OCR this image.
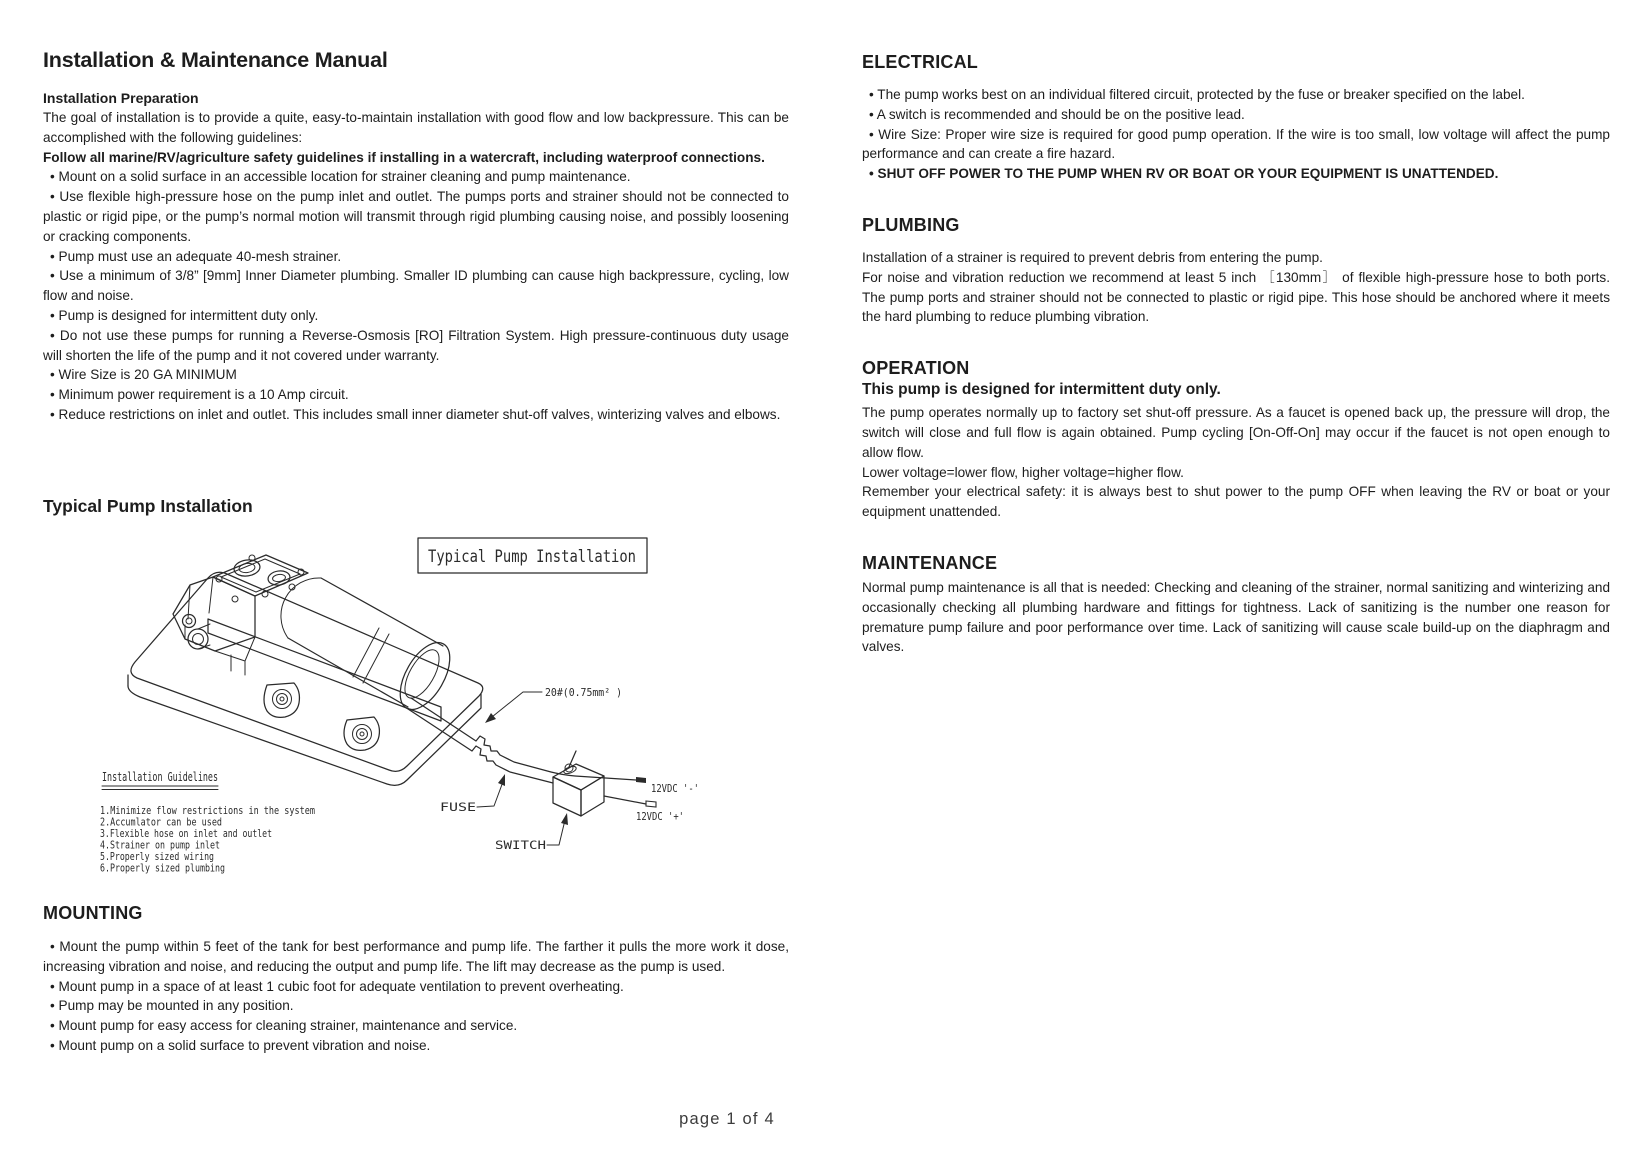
Installation & Maintenance Manual

Installation Preparation

The goal of installation is to provide a quite, easy-to-maintain installation with good flow and low backpressure. This can be accomplished with the following guidelines:

Follow all marine/RV/agriculture safety guidelines if installing in a watercraft, including waterproof connections.

• Mount on a solid surface in an accessible location for strainer cleaning and pump maintenance.

• Use flexible high-pressure hose on the pump inlet and outlet. The pumps ports and strainer should not be connected to plastic or rigid pipe, or the pump’s normal motion will transmit through rigid plumbing causing noise, and possibly loosening or cracking components.

• Pump must use an adequate 40-mesh strainer.

• Use a minimum of 3/8” [9mm] Inner Diameter plumbing. Smaller ID plumbing can cause high backpressure, cycling, low flow and noise.

• Pump is designed for intermittent duty only.

• Do not use these pumps for running a Reverse-Osmosis [RO] Filtration System. High pressure-continuous duty usage will shorten the life of the pump and it not covered under warranty.

• Wire Size is 20 GA MINIMUM

• Minimum power requirement is a 10 Amp circuit.

• Reduce restrictions on inlet and outlet. This includes small inner diameter shut-off valves, winterizing valves and elbows.

Typical Pump Installation
Typical Pump Installation
20#(0.75mm² )
FUSE
SWITCH
12VDC '-'
12VDC '+'
Installation Guidelines
1.Minimize flow restrictions in the system
2.Accumlator can be used
3.Flexible hose on inlet and outlet
4.Strainer on pump inlet
5.Properly sized wiring
6.Properly sized plumbing
MOUNTING

• Mount the pump within 5 feet of the tank for best performance and pump life. The farther it pulls the more work it dose, increasing vibration and noise, and reducing the output and pump life. The lift may decrease as the pump is used.

• Mount pump in a space of at least 1 cubic foot for adequate ventilation to prevent overheating.

• Pump may be mounted in any position.

• Mount pump for easy access for cleaning strainer, maintenance and service.

• Mount pump on a solid surface to prevent vibration and noise.

ELECTRICAL

• The pump works best on an individual filtered circuit, protected by the fuse or breaker specified on the label.

• A switch is recommended and should be on the positive lead.

• Wire Size: Proper wire size is required for good pump operation. If the wire is too small, low voltage will affect the pump performance and can create a fire hazard.

• SHUT OFF POWER TO THE PUMP WHEN RV OR BOAT OR YOUR EQUIPMENT IS UNATTENDED.

PLUMBING

Installation of a strainer is required to prevent debris from entering the pump.

For noise and vibration reduction we recommend at least 5 inch ［130mm］ of flexible high-pressure hose to both ports. The pump ports and strainer should not be connected to plastic or rigid pipe. This hose should be anchored where it meets the hard plumbing to reduce plumbing vibration.

OPERATION

This pump is designed for intermittent duty only.

The pump operates normally up to factory set shut-off pressure. As a faucet is opened back up, the pressure will drop, the switch will close and full flow is again obtained. Pump cycling [On-Off-On] may occur if the faucet is not open enough to allow flow.

Lower voltage=lower flow, higher voltage=higher flow.

Remember your electrical safety: it is always best to shut power to the pump OFF when leaving the RV or boat or your equipment unattended.

MAINTENANCE

Normal pump maintenance is all that is needed: Checking and cleaning of the strainer, normal sanitizing and winterizing and occasionally checking all plumbing hardware and fittings for tightness. Lack of sanitizing is the number one reason for premature pump failure and poor performance over time. Lack of sanitizing will cause scale build-up on the diaphragm and valves.

page 1 of 4
